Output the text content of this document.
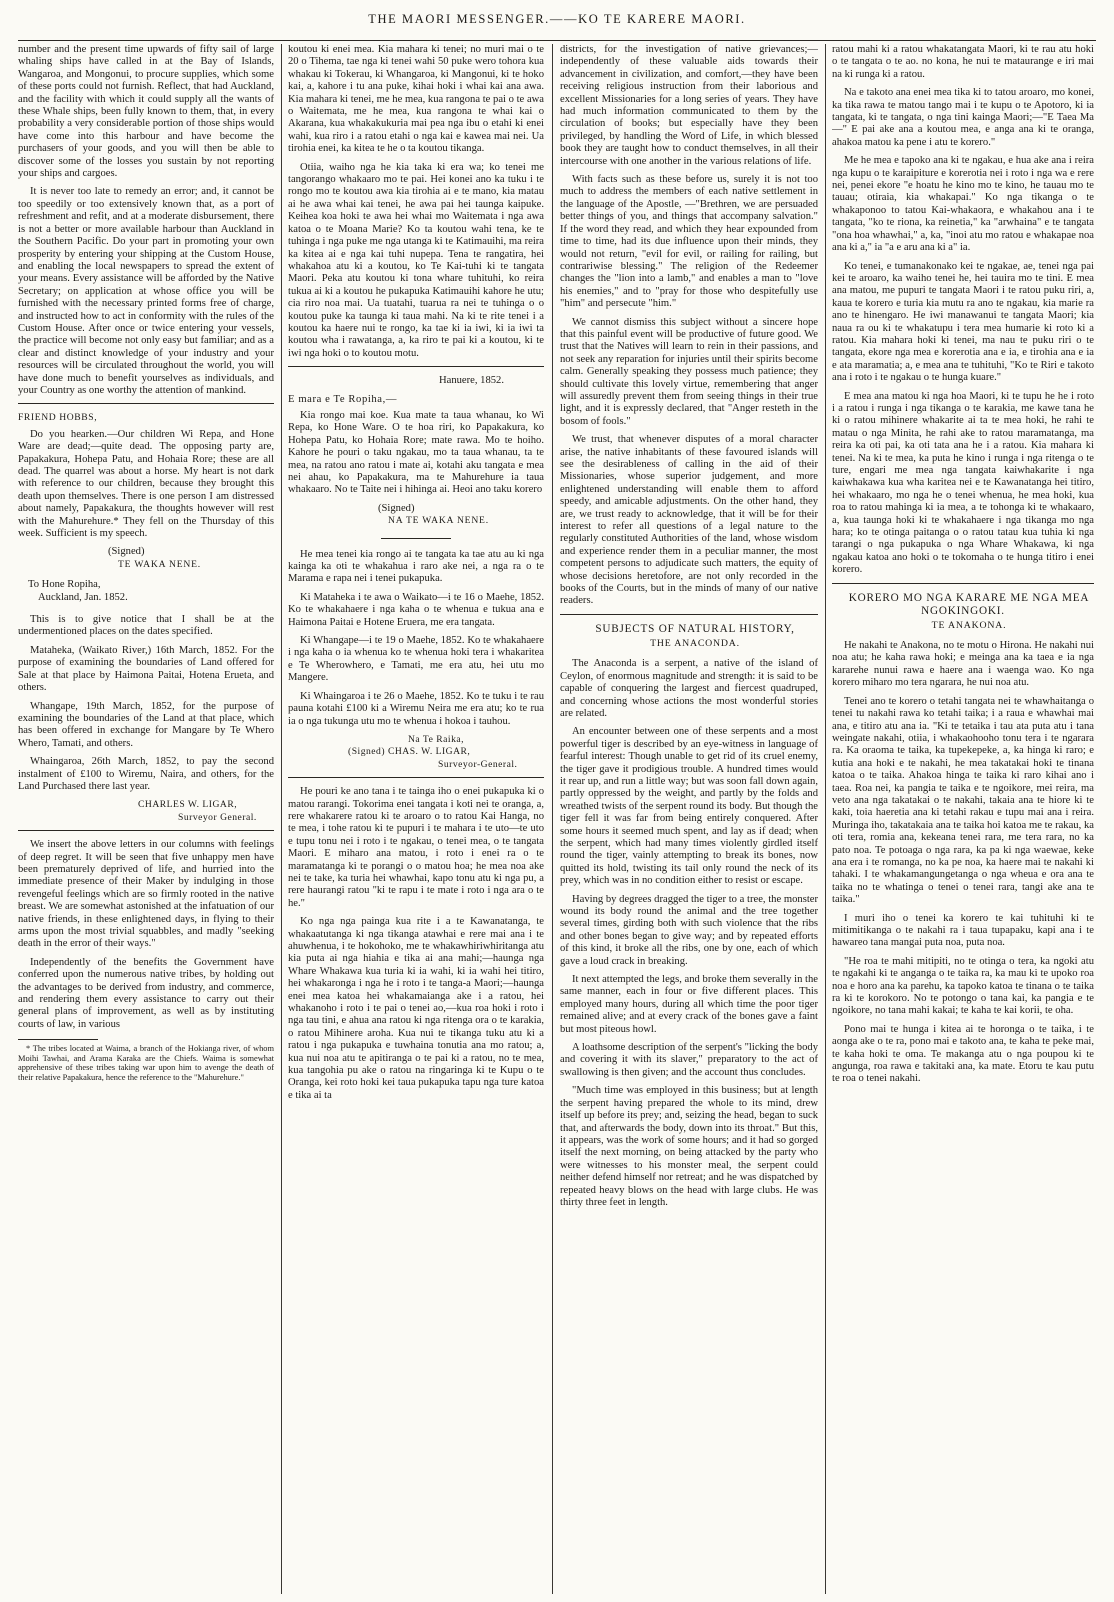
THE MAORI MESSENGER.——KO TE KARERE MAORI.

number and the present time upwards of fifty sail of large whaling ships have called in at the Bay of Islands, Wangaroa, and Mongonui, to procure supplies, which some of these ports could not furnish. Reflect, that had Auckland, and the facility with which it could supply all the wants of these Whale ships, been fully known to them, that, in every probability a very considerable portion of those ships would have come into this harbour and have become the purchasers of your goods, and you will then be able to discover some of the losses you sustain by not reporting your ships and cargoes.

It is never too late to remedy an error; and, it cannot be too speedily or too extensively known that, as a port of refreshment and refit, and at a moderate disbursement, there is not a better or more available harbour than Auckland in the Southern Pacific. Do your part in promoting your own prosperity by entering your shipping at the Custom House, and enabling the local newspapers to spread the extent of your means. Every assistance will be afforded by the Native Secretary; on application at whose office you will be furnished with the necessary printed forms free of charge, and instructed how to act in conformity with the rules of the Custom House. After once or twice entering your vessels, the practice will become not only easy but familiar; and as a clear and distinct knowledge of your industry and your resources will be circulated throughout the world, you will have done much to benefit yourselves as individuals, and your Country as one worthy the attention of mankind.

FRIEND HOBBS,

Do you hearken.—Our children Wi Repa, and Hone Ware are dead;—quite dead. The opposing party are, Papakakura, Hohepa Patu, and Hohaia Rore; these are all dead. The quarrel was about a horse. My heart is not dark with reference to our children, because they brought this death upon themselves. There is one person I am distressed about namely, Papakakura, the thoughts however will rest with the Mahurehure.* They fell on the Thursday of this week. Sufficient is my speech.

(Signed)

TE WAKA NENE.

To Hone Ropiha,

Auckland, Jan. 1852.

This is to give notice that I shall be at the undermentioned places on the dates specified.

Mataheka, (Waikato River,) 16th March, 1852. For the purpose of examining the boundaries of Land offered for Sale at that place by Haimona Paitai, Hotena Erueta, and others.

Whangape, 19th March, 1852, for the purpose of examining the boundaries of the Land at that place, which has been offered in exchange for Mangare by Te Whero Whero, Tamati, and others.

Whaingaroa, 26th March, 1852, to pay the second instalment of £100 to Wiremu, Naira, and others, for the Land Purchased there last year.

CHARLES W. LIGAR,

Surveyor General.

We insert the above letters in our columns with feelings of deep regret. It will be seen that five unhappy men have been prematurely deprived of life, and hurried into the immediate presence of their Maker by indulging in those revengeful feelings which are so firmly rooted in the native breast. We are somewhat astonished at the infatuation of our native friends, in these enlightened days, in flying to their arms upon the most trivial squabbles, and madly "seeking death in the error of their ways."

Independently of the benefits the Government have conferred upon the numerous native tribes, by holding out the advantages to be derived from industry, and commerce, and rendering them every assistance to carry out their general plans of improvement, as well as by instituting courts of law, in various

* The tribes located at Waima, a branch of the Hokianga river, of whom Moihi Tawhai, and Arama Karaka are the Chiefs. Waima is somewhat apprehensive of these tribes taking war upon him to avenge the death of their relative Papakakura, hence the reference to the "Mahurehure."

koutou ki enei mea. Kia mahara ki tenei; no muri mai o te 20 o Tihema, tae nga ki tenei wahi 50 puke wero tohora kua whakau ki Tokerau, ki Whangaroa, ki Mangonui, ki te hoko kai, a, kahore i tu ana puke, kihai hoki i whai kai ana awa. Kia mahara ki tenei, me he mea, kua rangona te pai o te awa o Waitemata, me he mea, kua rangona te whai kai o Akarana, kua whakakukuria mai pea nga ibu o etahi ki enei wahi, kua riro i a ratou etahi o nga kai e kawea mai nei. Ua tirohia enei, ka kitea te he o ta koutou tikanga.

Otiia, waiho nga he kia taka ki era wa; ko tenei me tangorango whakaaro mo te pai. Hei konei ano ka tuku i te rongo mo te koutou awa kia tirohia ai e te mano, kia matau ai he awa whai kai tenei, he awa pai hei taunga kaipuke. Keihea koa hoki te awa hei whai mo Waitemata i nga awa katoa o te Moana Marie? Ko ta koutou wahi tena, ke te tuhinga i nga puke me nga utanga ki te Katimauihi, ma reira ka kitea ai e nga kai tuhi nupepa. Tena te rangatira, hei whakahoa atu ki a koutou, ko Te Kai-tuhi ki te tangata Maori. Peka atu koutou ki tona whare tuhituhi, ko reira tukua ai ki a koutou he pukapuka Katimauihi kahore he utu; cia riro noa mai. Ua tuatahi, tuarua ra nei te tuhinga o o koutou puke ka taunga ki taua mahi. Na ki te rite tenei i a koutou ka haere nui te rongo, ka tae ki ia iwi, ki ia iwi ta koutou wha i rawatanga, a, ka riro te pai ki a koutou, ki te iwi nga hoki o to koutou motu.

Hanuere, 1852.

E mara e Te Ropiha,—

Kia rongo mai koe. Kua mate ta taua whanau, ko Wi Repa, ko Hone Ware. O te hoa riri, ko Papakakura, ko Hohepa Patu, ko Hohaia Rore; mate rawa. Mo te hoiho. Kahore he pouri o taku ngakau, mo ta taua whanau, ta te mea, na ratou ano ratou i mate ai, kotahi aku tangata e mea nei ahau, ko Papakakura, ma te Mahurehure ia taua whakaaro. No te Taite nei i hihinga ai. Heoi ano taku korero

(Signed)

NA TE WAKA NENE.

He mea tenei kia rongo ai te tangata ka tae atu au ki nga kainga ka oti te whakahua i raro ake nei, a nga ra o te Marama e rapa nei i tenei pukapuka.

Ki Mataheka i te awa o Waikato—i te 16 o Maehe, 1852. Ko te whakahaere i nga kaha o te whenua e tukua ana e Haimona Paitai e Hotene Eruera, me era tangata.

Ki Whangape—i te 19 o Maehe, 1852. Ko te whakahaere i nga kaha o ia whenua ko te whenua hoki tera i whakaritea e Te Wherowhero, e Tamati, me era atu, hei utu mo Mangere.

Ki Whaingaroa i te 26 o Maehe, 1852. Ko te tuku i te rau pauna kotahi £100 ki a Wiremu Neira me era atu; ko te rua ia o nga tukunga utu mo te whenua i hokoa i tauhou.

Na Te Raika,

(Signed) CHAS. W. LIGAR,

Surveyor-General.

He pouri ke ano tana i te tainga iho o enei pukapuka ki o matou rarangi. Tokorima enei tangata i koti nei te oranga, a, rere whakarere ratou ki te aroaro o to ratou Kai Hanga, no te mea, i tohe ratou ki te pupuri i te mahara i te uto—te uto e tupu tonu nei i roto i te ngakau, o tenei mea, o te tangata Maori. E miharo ana matou, i roto i enei ra o te maramatanga ki te porangi o o matou hoa; he mea noa ake nei te take, ka turia hei whawhai, kapo tonu atu ki nga pu, a rere haurangi ratou "ki te rapu i te mate i roto i nga ara o te he."

Ko nga nga painga kua rite i a te Kawanatanga, te whakaatutanga ki nga tikanga atawhai e rere mai ana i te ahuwhenua, i te hokohoko, me te whakawhiriwhiritanga atu kia puta ai nga hiahia e tika ai ana mahi;—haunga nga Whare Whakawa kua turia ki ia wahi, ki ia wahi hei titiro, hei whakaronga i nga he i roto i te tanga-a Maori;—haunga enei mea katoa hei whakamaianga ake i a ratou, hei whakanoho i roto i te pai o tenei ao,—kua roa hoki i roto i nga tau tini, e ahua ana ratou ki nga ritenga ora o te karakia, o ratou Mihinere aroha. Kua nui te tikanga tuku atu ki a ratou i nga pukapuka e tuwhaina tonutia ana mo ratou; a, kua nui noa atu te apitiranga o te pai ki a ratou, no te mea, kua tangohia pu ake o ratou na ringaringa ki te Kupu o te Oranga, kei roto hoki kei taua pukapuka tapu nga ture katoa e tika ai ta

districts, for the investigation of native grievances;—independently of these valuable aids towards their advancement in civilization, and comfort,—they have been receiving religious instruction from their laborious and excellent Missionaries for a long series of years. They have had much information communicated to them by the circulation of books; but especially have they been privileged, by handling the Word of Life, in which blessed book they are taught how to conduct themselves, in all their intercourse with one another in the various relations of life.

With facts such as these before us, surely it is not too much to address the members of each native settlement in the language of the Apostle, —"Brethren, we are persuaded better things of you, and things that accompany salvation." If the word they read, and which they hear expounded from time to time, had its due influence upon their minds, they would not return, "evil for evil, or railing for railing, but contrariwise blessing." The religion of the Redeemer changes the "lion into a lamb," and enables a man to "love his enemies," and to "pray for those who despitefully use "him" and persecute "him."

We cannot dismiss this subject without a sincere hope that this painful event will be productive of future good. We trust that the Natives will learn to rein in their passions, and not seek any reparation for injuries until their spirits become calm. Generally speaking they possess much patience; they should cultivate this lovely virtue, remembering that anger will assuredly prevent them from seeing things in their true light, and it is expressly declared, that "Anger resteth in the bosom of fools."

We trust, that whenever disputes of a moral character arise, the native inhabitants of these favoured islands will see the desirableness of calling in the aid of their Missionaries, whose superior judgement, and more enlightened understanding will enable them to afford speedy, and amicable adjustments. On the other hand, they are, we trust ready to acknowledge, that it will be for their interest to refer all questions of a legal nature to the regularly constituted Authorities of the land, whose wisdom and experience render them in a peculiar manner, the most competent persons to adjudicate such matters, the equity of whose decisions heretofore, are not only recorded in the books of the Courts, but in the minds of many of our native readers.

SUBJECTS OF NATURAL HISTORY,

THE ANACONDA.

The Anaconda is a serpent, a native of the island of Ceylon, of enormous magnitude and strength: it is said to be capable of conquering the largest and fiercest quadruped, and concerning whose actions the most wonderful stories are related.

An encounter between one of these serpents and a most powerful tiger is described by an eye-witness in language of fearful interest: Though unable to get rid of its cruel enemy, the tiger gave it prodigious trouble. A hundred times would it rear up, and run a little way; but was soon fall down again, partly oppressed by the weight, and partly by the folds and wreathed twists of the serpent round its body. But though the tiger fell it was far from being entirely conquered. After some hours it seemed much spent, and lay as if dead; when the serpent, which had many times violently girdled itself round the tiger, vainly attempting to break its bones, now quitted its hold, twisting its tail only round the neck of its prey, which was in no condition either to resist or escape.

Having by degrees dragged the tiger to a tree, the monster wound its body round the animal and the tree together several times, girding both with such violence that the ribs and other bones began to give way; and by repeated efforts of this kind, it broke all the ribs, one by one, each of which gave a loud crack in breaking.

It next attempted the legs, and broke them severally in the same manner, each in four or five different places. This employed many hours, during all which time the poor tiger remained alive; and at every crack of the bones gave a faint but most piteous howl.

A loathsome description of the serpent's "licking the body and covering it with its slaver," preparatory to the act of swallowing is then given; and the account thus concludes.

"Much time was employed in this business; but at length the serpent having prepared the whole to its mind, drew itself up before its prey; and, seizing the head, began to suck that, and afterwards the body, down into its throat." But this, it appears, was the work of some hours; and it had so gorged itself the next morning, on being attacked by the party who were witnesses to his monster meal, the serpent could neither defend himself nor retreat; and he was dispatched by repeated heavy blows on the head with large clubs. He was thirty three feet in length.

ratou mahi ki a ratou whakatangata Maori, ki te rau atu hoki o te tangata o te ao. no kona, he nui te mataurange e iri mai na ki runga ki a ratou.

Na e takoto ana enei mea tika ki to tatou aroaro, mo konei, ka tika rawa te matou tango mai i te kupu o te Apotoro, ki ia tangata, ki te tangata, o nga tini kainga Maori;—"E Taea Ma—" E pai ake ana a koutou mea, e anga ana ki te oranga, ahakoa matou ka pene i atu te korero."

Me he mea e tapoko ana ki te ngakau, e hua ake ana i reira nga kupu o te karaipiture e korerotia nei i roto i nga wa e rere nei, penei ekore "e hoatu he kino mo te kino, he tauau mo te tauau; otiraia, kia whakapai." Ko nga tikanga o te whakaponoo to tatou Kai-whakaora, e whakahou ana i te tangata, "ko te riona, ka reinetia," ka "arwhaina" e te tangata "ona hoa whawhai," a, ka, "inoi atu mo ratou e whakapae noa ana ki a," ia "a e aru ana ki a" ia.

Ko tenei, e tumanakonako kei te ngakae, ae, tenei nga pai kei te aroaro, ka waiho tenei he, hei tauira mo te tini. E mea ana matou, me pupuri te tangata Maori i te ratou puku riri, a, kaua te korero e turia kia mutu ra ano te ngakau, kia marie ra ano te hinengaro. He iwi manawanui te tangata Maori; kia naua ra ou ki te whakatupu i tera mea humarie ki roto ki a ratou. Kia mahara hoki ki tenei, ma nau te puku riri o te tangata, ekore nga mea e korerotia ana e ia, e tirohia ana e ia e ata maramatia; a, e mea ana te tuhituhi, "Ko te Riri e takoto ana i roto i te ngakau o te hunga kuare."

E mea ana matou ki nga hoa Maori, ki te tupu he he i roto i a ratou i runga i nga tikanga o te karakia, me kawe tana he ki o ratou mihinere whakarite ai ta te mea hoki, he rahi te matau o nga Minita, he rahi ake to ratou maramatanga, ma reira ka oti pai, ka oti tata ana he i a ratou. Kia mahara ki tenei. Na ki te mea, ka puta he kino i runga i nga ritenga o te ture, engari me mea nga tangata kaiwhakarite i nga kaiwhakawa kua wha karitea nei e te Kawanatanga hei titiro, hei whakaaro, mo nga he o tenei whenua, he mea hoki, kua roa to ratou mahinga ki ia mea, a te tohonga ki te whakaaro, a, kua taunga hoki ki te whakahaere i nga tikanga mo nga hara; ko te otinga paitanga o o ratou tatau kua tuhia ki nga tarangi o nga pukapuka o nga Whare Whakawa, ki nga ngakau katoa ano hoki o te tokomaha o te hunga titiro i enei korero.

KORERO MO NGA KARARE ME NGA MEA NGOKINGOKI.

TE ANAKONA.

He nakahi te Anakona, no te motu o Hirona. He nakahi nui noa atu; he kaha rawa hoki; e meinga ana ka taea e ia nga kararehe nunui rawa e haere ana i waenga wao. Ko nga korero miharo mo tera ngarara, he nui noa atu.

Tenei ano te korero o tetahi tangata nei te whawhaitanga o tenei tu nakahi rawa ko tetahi taika; i a raua e whawhai mai ana, e titiro atu ana ia. "Ki te tetaika i tau ata puta atu i tana weingate nakahi, otiia, i whakaohooho tonu tera i te ngarara ra. Ka oraoma te taika, ka tupekepeke, a, ka hinga ki raro; e kutia ana hoki e te nakahi, he mea takatakai hoki te tinana katoa o te taika. Ahakoa hinga te taika ki raro kihai ano i taea. Roa nei, ka pangia te taika e te ngoikore, mei reira, ma veto ana nga takatakai o te nakahi, takaia ana te hiore ki te kaki, toia haeretia ana ki tetahi rakau e tupu mai ana i reira. Muringa iho, takatakaia ana te taika hoi katoa me te rakau, ka oti tera, romia ana, kekeana tenei rara, me tera rara, no ka pato noa. Te potoaga o nga rara, ka pa ki nga waewae, keke ana era i te romanga, no ka pe noa, ka haere mai te nakahi ki tahaki. I te whakamangungetanga o nga wheua e ora ana te taika no te whatinga o tenei o tenei rara, tangi ake ana te taika."

I muri iho o tenei ka korero te kai tuhituhi ki te mitimitikanga o te nakahi ra i taua tupapaku, kapi ana i te hawareo tana mangai puta noa, puta noa.

"He roa te mahi mitipiti, no te otinga o tera, ka ngoki atu te ngakahi ki te anganga o te taika ra, ka mau ki te upoko roa noa e horo ana ka parehu, ka tapoko katoa te tinana o te taika ra ki te korokoro. No te potongo o tana kai, ka pangia e te ngoikore, no tana mahi kakai; te kaha te kai korii, te oha.

Pono mai te hunga i kitea ai te horonga o te taika, i te aonga ake o te ra, pono mai e takoto ana, te kaha te peke mai, te kaha hoki te oma. Te makanga atu o nga poupou ki te angunga, roa rawa e takitaki ana, ka mate. Etoru te kau putu te roa o tenei nakahi.
